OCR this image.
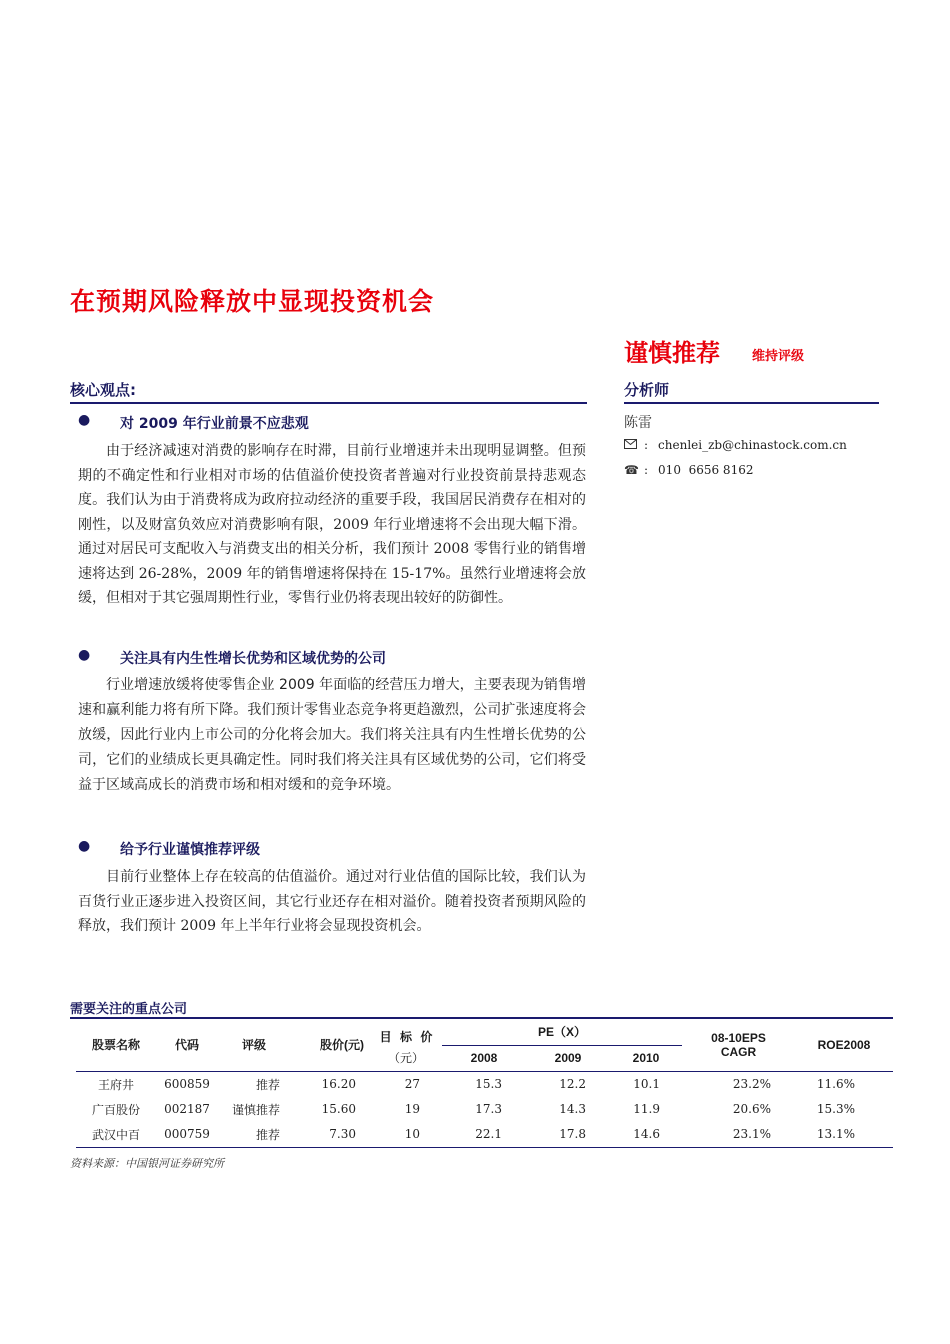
在预期风险释放中显现投资机会
谨慎推荐 维持评级
核心观点:	分析师
陈雷
: chenlei_zb@chinastock.com.cn
☎ : 010  6656 8162
● 对 2009 年行业前景不应悲观
由于经济减速对消费的影响存在时滞，目前行业增速并未出现明显调整。但预期的不确定性和行业相对市场的估值溢价使投资者普遍对行业投资前景持悲观态度。我们认为由于消费将成为政府拉动经济的重要手段，我国居民消费存在相对的刚性，以及财富负效应对消费影响有限，2009 年行业增速将不会出现大幅下滑。通过对居民可支配收入与消费支出的相关分析，我们预计 2008 零售行业的销售增速将达到 26-28%，2009 年的销售增速将保持在 15-17%。虽然行业增速将会放缓，但相对于其它强周期性行业，零售行业仍将表现出较好的防御性。
● 关注具有内生性增长优势和区域优势的公司
行业增速放缓将使零售企业 2009 年面临的经营压力增大，主要表现为销售增速和赢利能力将有所下降。我们预计零售业态竞争将更趋激烈，公司扩张速度将会放缓，因此行业内上市公司的分化将会加大。我们将关注具有内生性增长优势的公司，它们的业绩成长更具确定性。同时我们将关注具有区域优势的公司，它们将受益于区域高成长的消费市场和相对缓和的竞争环境。
● 给予行业谨慎推荐评级
目前行业整体上存在较高的估值溢价。通过对行业估值的国际比较，我们认为百货行业正逐步进入投资区间，其它行业还存在相对溢价。随着投资者预期风险的释放，我们预计 2009 年上半年行业将会显现投资机会。
需要关注的重点公司
股票名称	代码	评级	股价(元)	目  标  价	PE（X）			08-10EPS	ROE2008
				（元）	2008	2009	2010	CAGR	

王府井	600859	推荐	16.20	27	15.3	12.2	10.1	23.2%	11.6%
广百股份	002187	谨慎推荐	15.60	19	17.3	14.3	11.9	20.6%	15.3%
武汉中百	000759	推荐	7.30	10	22.1	17.8	14.6	23.1%	13.1%
资料来源：中国银河证券研究所
